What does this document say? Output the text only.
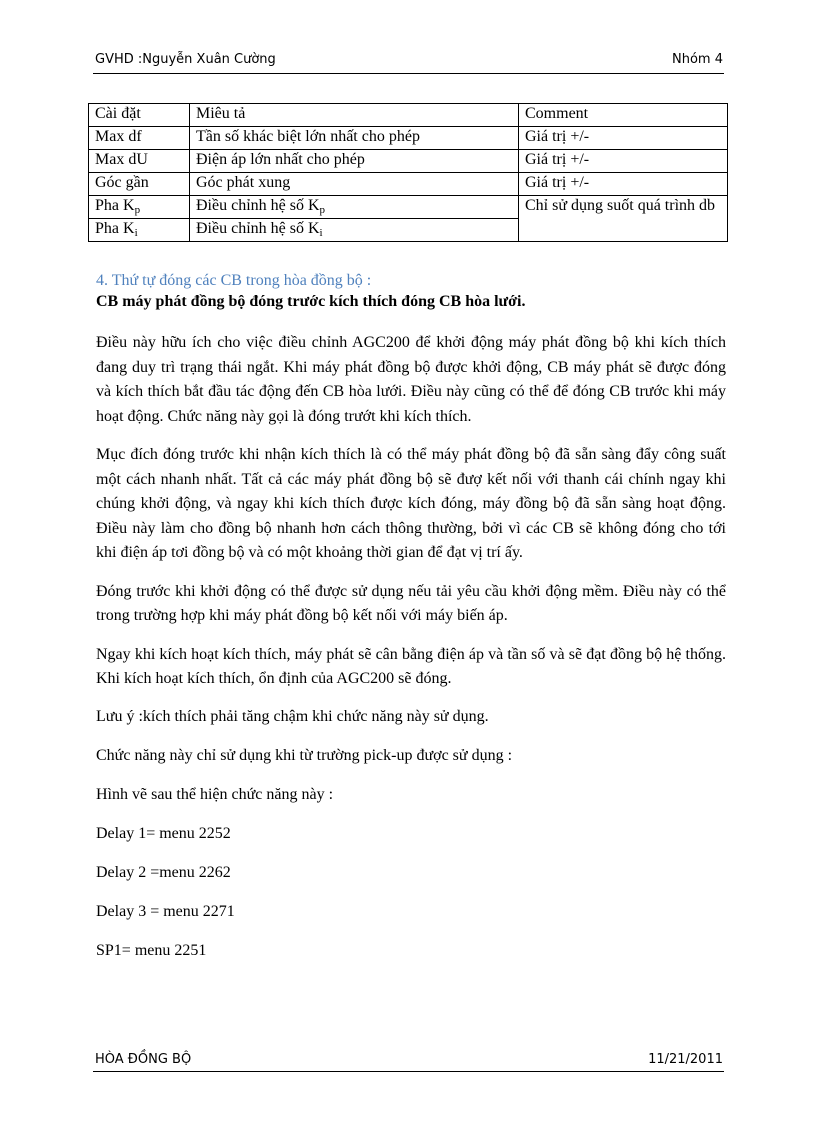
GVHD :Nguyễn Xuân Cường	Nhóm 4
Cài đặt	Miêu tả	Comment
Max df	Tần số khác biệt lớn nhất cho phép	Giá trị +/-
Max dU	Điện áp lớn nhất cho phép	Giá trị +/-
Góc gần	Góc phát xung	Giá trị +/-
Pha $K_p$	Điều chỉnh hệ số $K_p$	Chỉ sử dụng suốt quá trình db
Pha $K_i$	Điều chỉnh hệ số $K_i$

4. Thứ tự đóng các CB trong hòa đồng bộ :

CB máy phát đồng bộ đóng trước kích thích đóng CB hòa lưới.

Điều này hữu ích cho việc điều chỉnh AGC200 để khởi động máy phát đồng bộ khi kích thích đang duy trì trạng thái ngắt. Khi máy phát đồng bộ được khởi động, CB máy phát sẽ được đóng và kích thích bắt đầu tác động đến CB hòa lưới. Điều này cũng có thể để đóng CB trước khi máy hoạt động. Chức năng này gọi là đóng trướt khi kích thích.

Mục đích đóng trước khi nhận kích thích là có thể máy phát đồng bộ đã sẵn sàng đẩy công suất một cách nhanh nhất. Tất cả các máy phát đồng bộ sẽ đượ kết nối với thanh cái chính ngay khi chúng khởi động, và ngay khi kích thích được kích đóng, máy đồng bộ đã sẵn sàng hoạt động. Điều này làm cho đồng bộ nhanh hơn cách thông thường, bởi vì các CB sẽ không đóng cho tới khi điện áp tơi đồng bộ và có một khoảng thời gian để đạt vị trí ấy.

Đóng trước khi khởi động có thể được sử dụng nếu tải yêu cầu khởi động mềm. Điều này có thể trong trường hợp khi máy phát đồng bộ kết nối với máy biến áp.

Ngay khi kích hoạt kích thích, máy phát sẽ cân bằng điện áp và tần số và sẽ đạt đồng bộ hệ thống. Khi kích hoạt kích thích, ổn định của AGC200 sẽ đóng.

Lưu ý :kích thích phải tăng chậm khi chức năng này sử dụng.

Chức năng này chỉ sử dụng khi từ trường pick-up được sử dụng :

Hình vẽ sau thể hiện chức năng này :

Delay 1= menu 2252

Delay 2 =menu 2262

Delay 3 = menu 2271

SP1= menu 2251

HÒA ĐỒNG BỘ	11/21/2011
